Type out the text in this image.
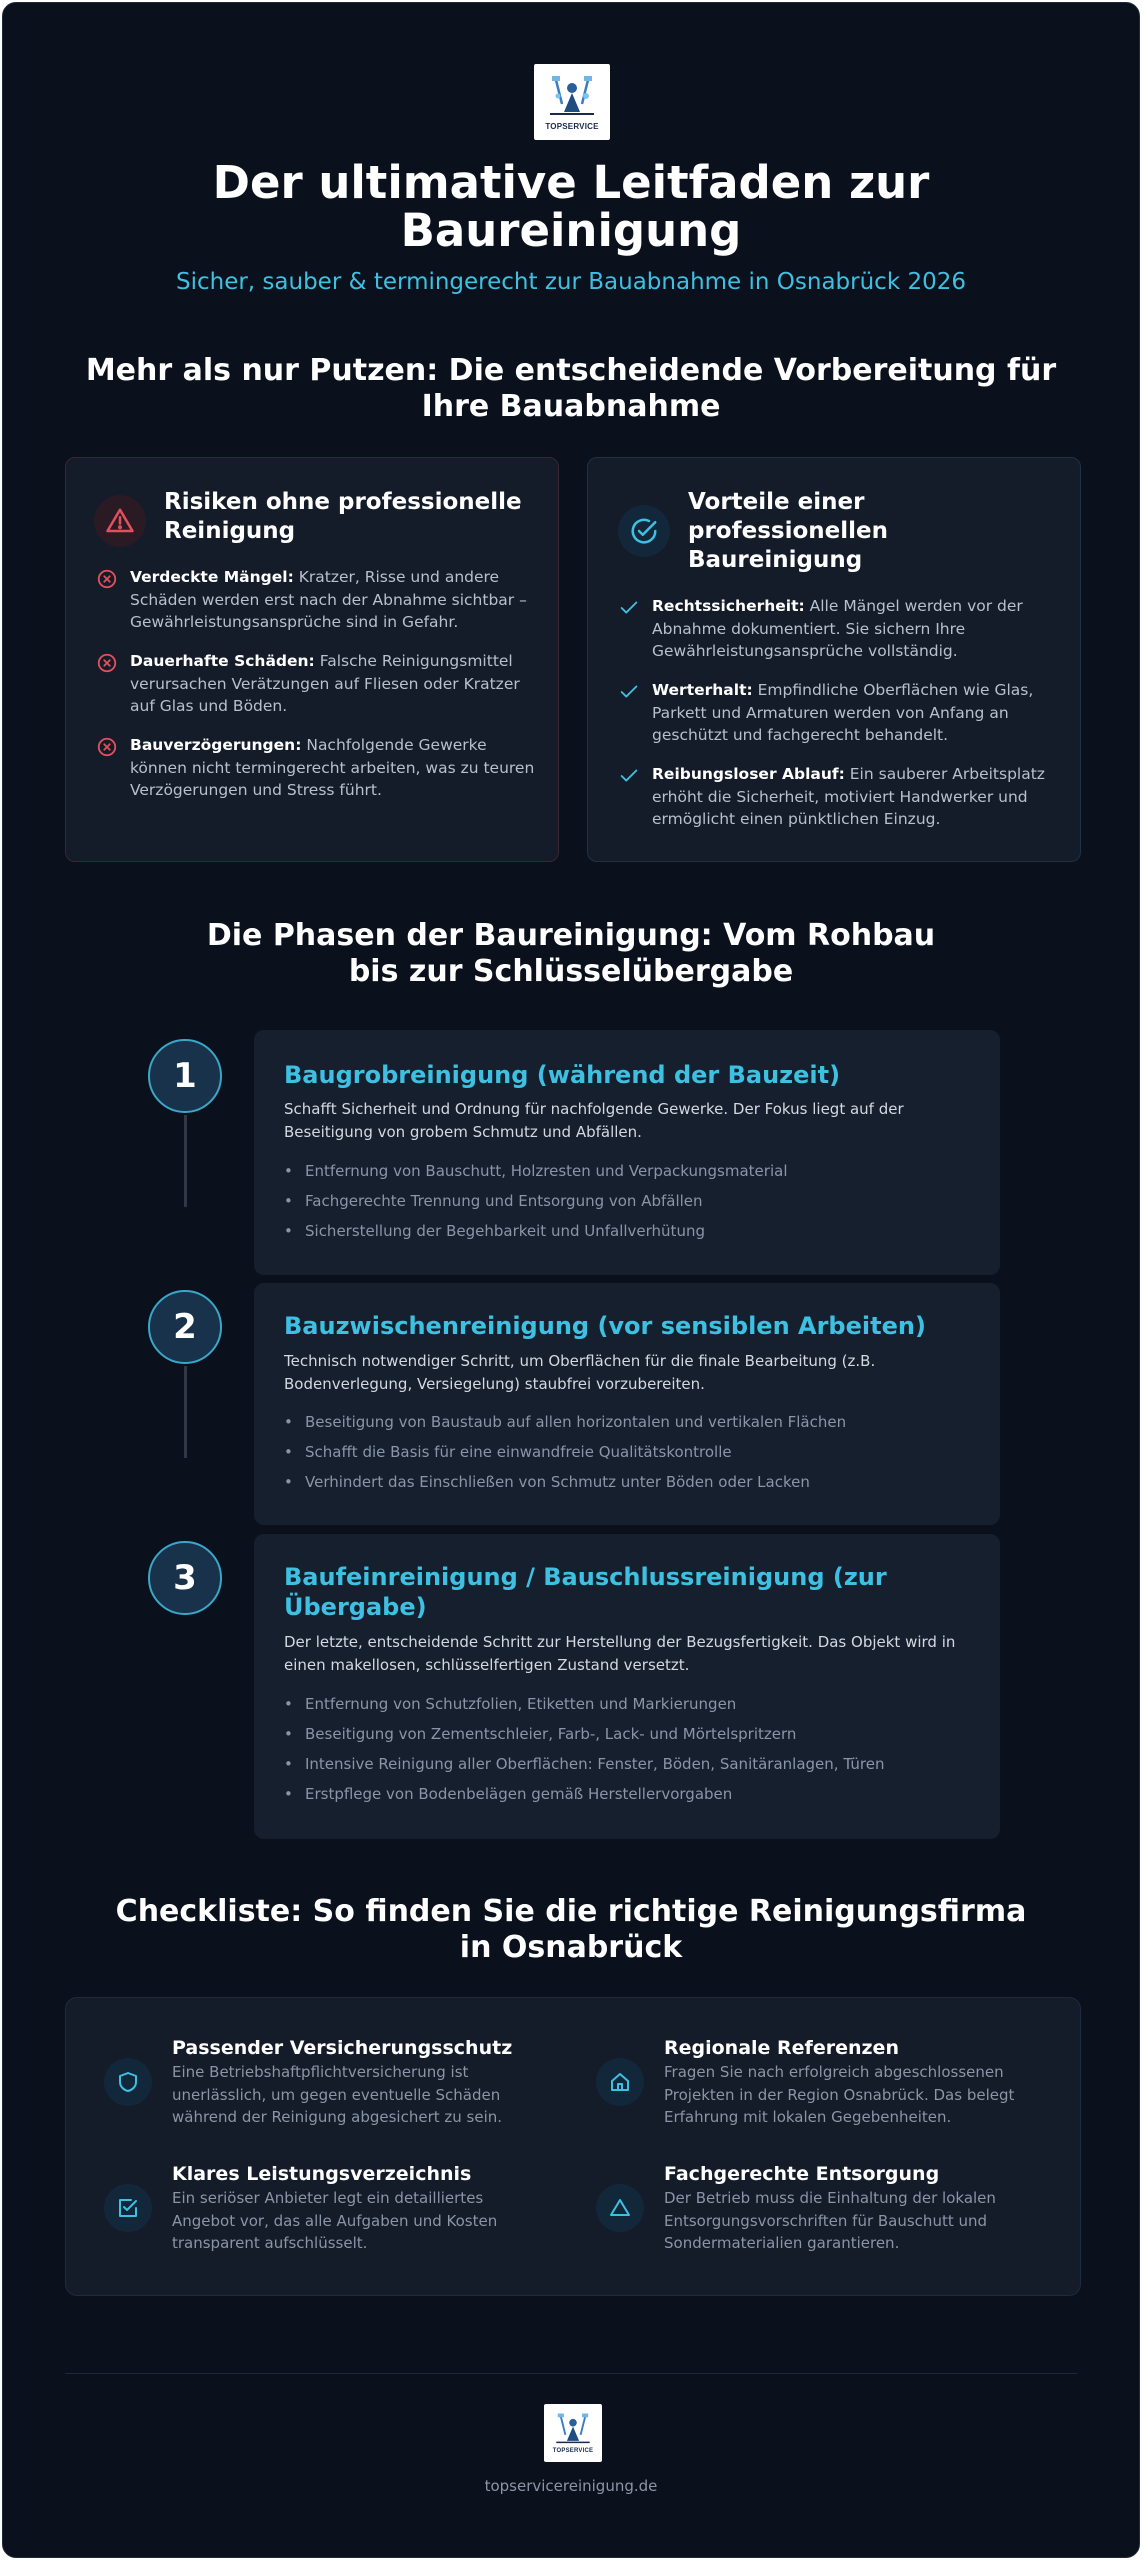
TOPSERVICE
Der ultimative Leitfaden zur Baureinigung
Sicher, sauber & termingerecht zur Bauabnahme in Osnabrück 2026
Mehr als nur Putzen: Die entscheidende Vorbereitung für Ihre Bauabnahme
Risiken ohne professionelle Reinigung
Verdeckte Mängel: Kratzer, Risse und andere Schäden werden erst nach der Abnahme sichtbar – Gewährleistungsansprüche sind in Gefahr.
Dauerhafte Schäden: Falsche Reinigungsmittel verursachen Verätzungen auf Fliesen oder Kratzer auf Glas und Böden.
Bauverzögerungen: Nachfolgende Gewerke können nicht termingerecht arbeiten, was zu teuren Verzögerungen und Stress führt.
Vorteile einer professionellen Baureinigung
Rechtssicherheit: Alle Mängel werden vor der Abnahme dokumentiert. Sie sichern Ihre Gewährleistungsansprüche vollständig.
Werterhalt: Empfindliche Oberflächen wie Glas, Parkett und Armaturen werden von Anfang an geschützt und fachgerecht behandelt.
Reibungsloser Ablauf: Ein sauberer Arbeitsplatz erhöht die Sicherheit, motiviert Handwerker und ermöglicht einen pünktlichen Einzug.
Die Phasen der Baureinigung: Vom Rohbau bis zur Schlüsselübergabe
1	Baugrobreinigung (während der Bauzeit)
Schafft Sicherheit und Ordnung für nachfolgende Gewerke. Der Fokus liegt auf der Beseitigung von grobem Schmutz und Abfällen.
• Entfernung von Bauschutt, Holzresten und Verpackungsmaterial
• Fachgerechte Trennung und Entsorgung von Abfällen
• Sicherstellung der Begehbarkeit und Unfallverhütung
2	Bauzwischenreinigung (vor sensiblen Arbeiten)
Technisch notwendiger Schritt, um Oberflächen für die finale Bearbeitung (z.B. Bodenverlegung, Versiegelung) staubfrei vorzubereiten.
• Beseitigung von Baustaub auf allen horizontalen und vertikalen Flächen
• Schafft die Basis für eine einwandfreie Qualitätskontrolle
• Verhindert das Einschließen von Schmutz unter Böden oder Lacken
3	Baufeinreinigung / Bauschlussreinigung (zur Übergabe)
Der letzte, entscheidende Schritt zur Herstellung der Bezugsfertigkeit. Das Objekt wird in einen makellosen, schlüsselfertigen Zustand versetzt.
• Entfernung von Schutzfolien, Etiketten und Markierungen
• Beseitigung von Zementschleier, Farb-, Lack- und Mörtelspritzern
• Intensive Reinigung aller Oberflächen: Fenster, Böden, Sanitäranlagen, Türen
• Erstpflege von Bodenbelägen gemäß Herstellervorgaben
Checkliste: So finden Sie die richtige Reinigungsfirma in Osnabrück
Passender Versicherungsschutz
Eine Betriebshaftpflichtversicherung ist unerlässlich, um gegen eventuelle Schäden während der Reinigung abgesichert zu sein.
Regionale Referenzen
Fragen Sie nach erfolgreich abgeschlossenen Projekten in der Region Osnabrück. Das belegt Erfahrung mit lokalen Gegebenheiten.
Klares Leistungsverzeichnis
Ein seriöser Anbieter legt ein detailliertes Angebot vor, das alle Aufgaben und Kosten transparent aufschlüsselt.
Fachgerechte Entsorgung
Der Betrieb muss die Einhaltung der lokalen Entsorgungsvorschriften für Bauschutt und Sondermaterialien garantieren.
TOPSERVICE
topservicereinigung.de
